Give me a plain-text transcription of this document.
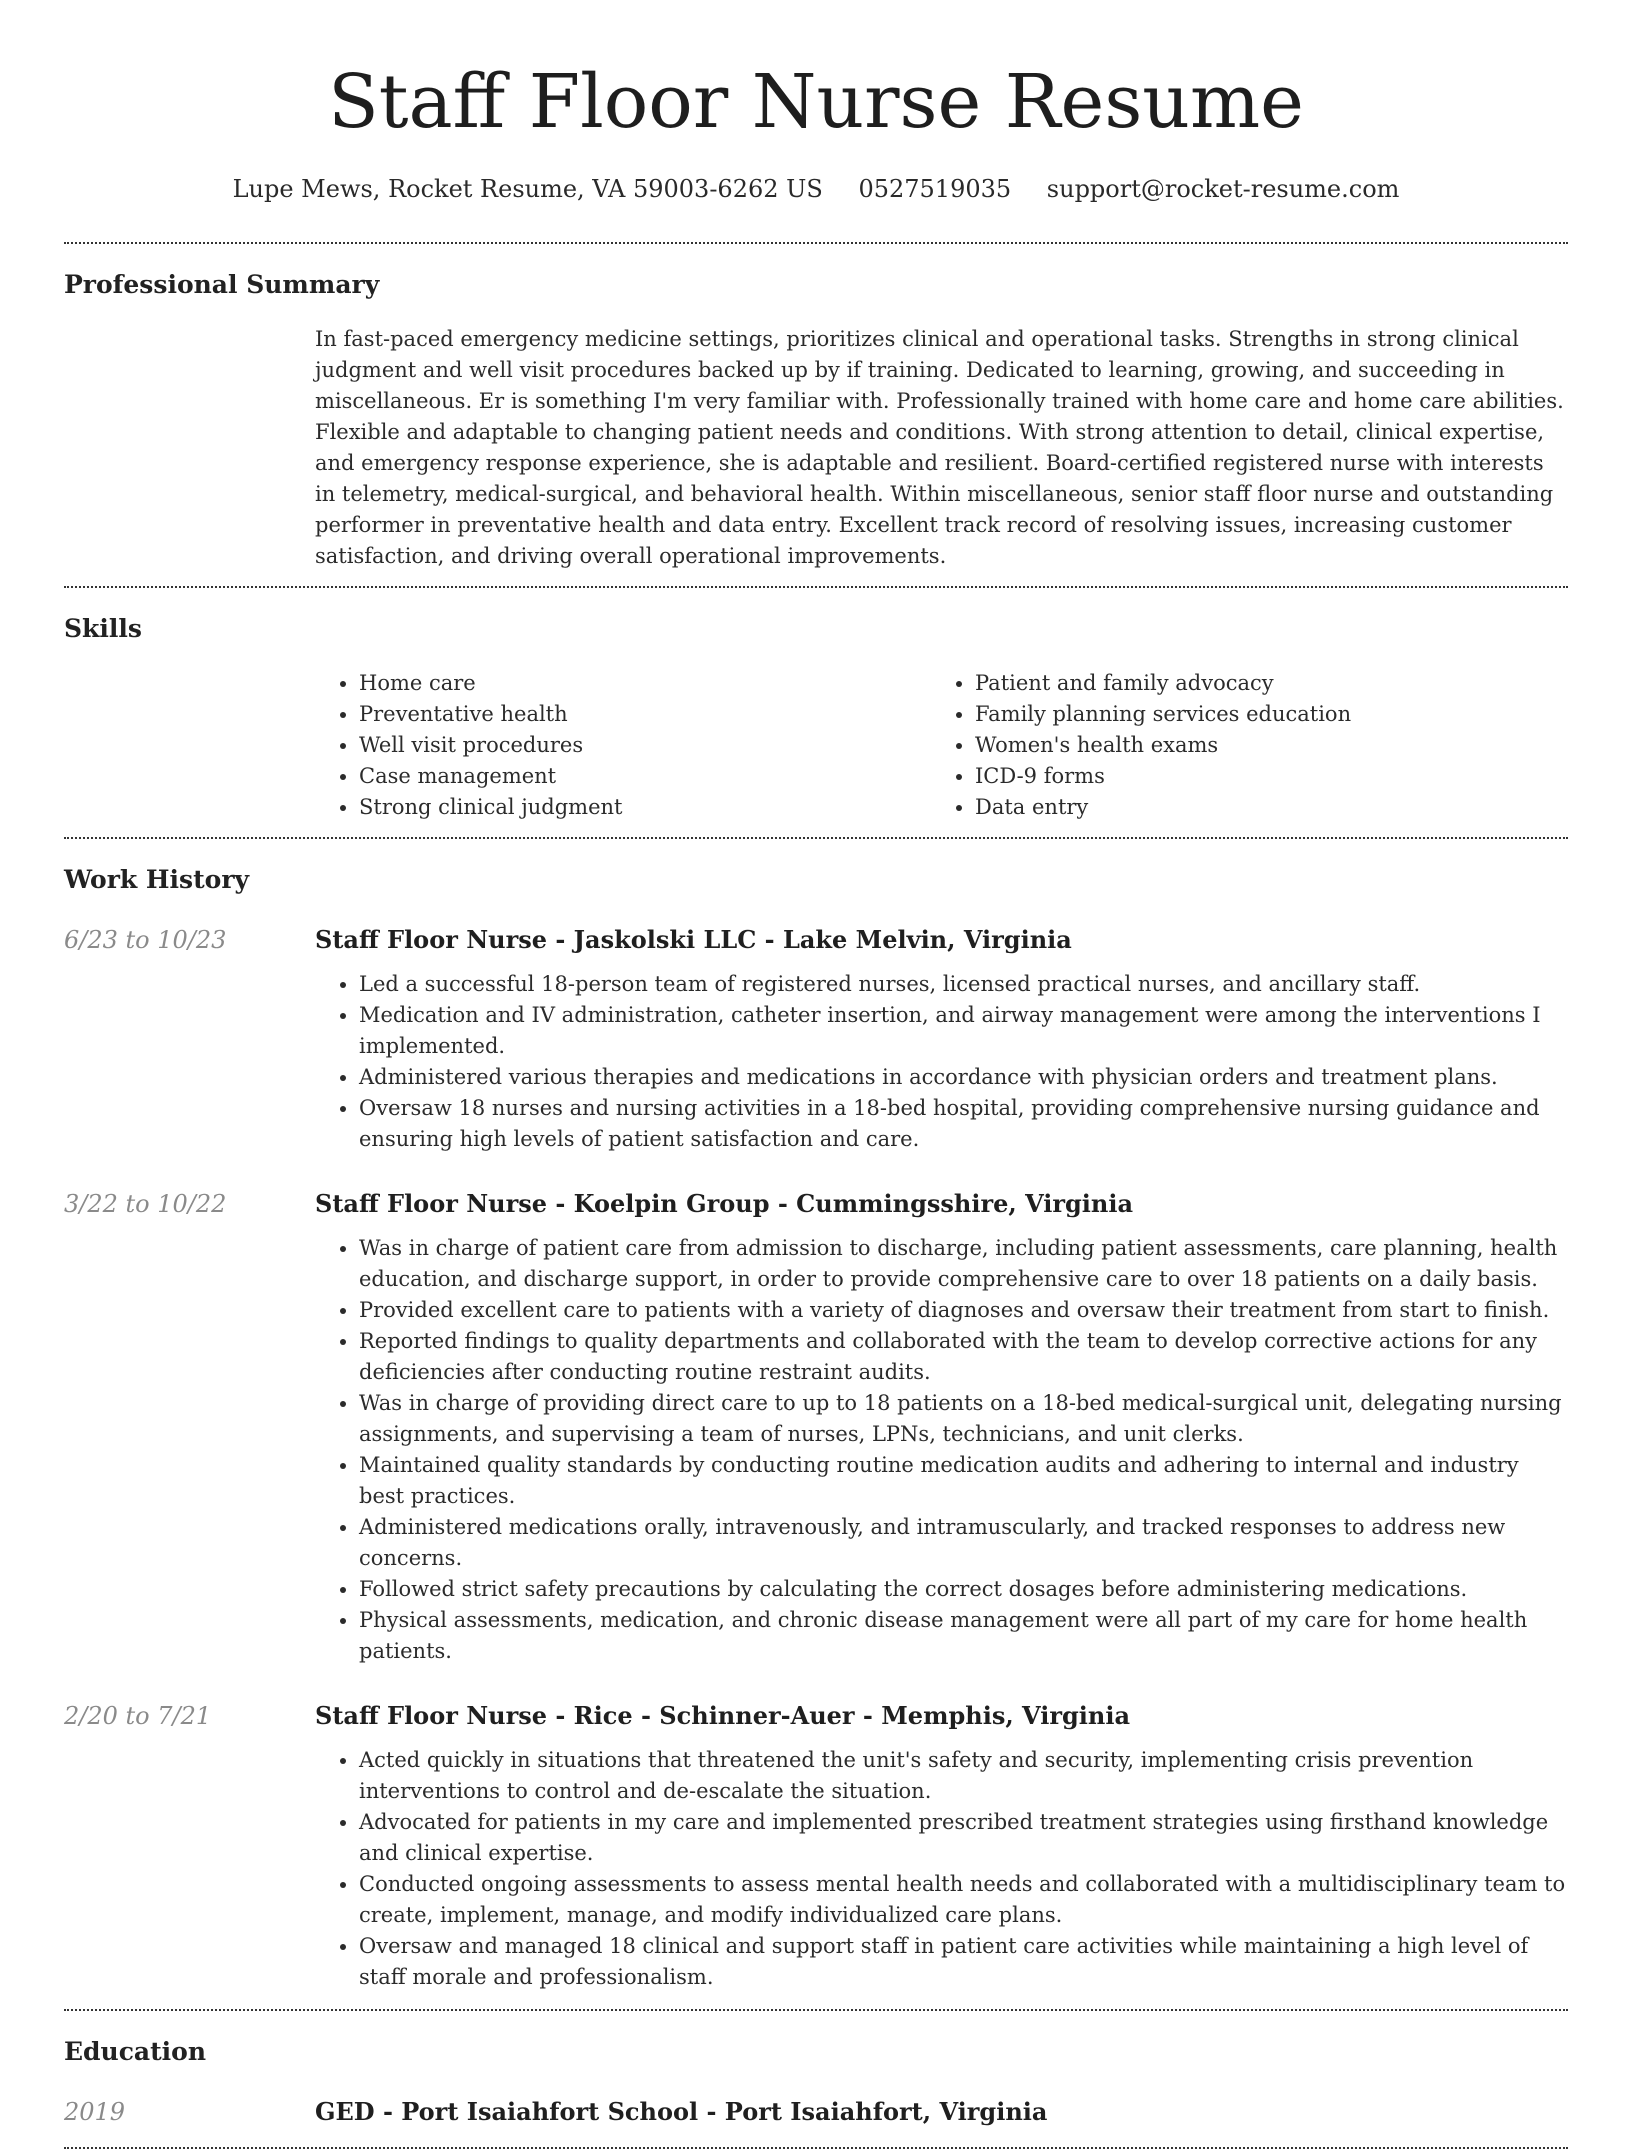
Staff Floor Nurse Resume
Lupe Mews, Rocket Resume, VA 59003-6262 US 0527519035 support@rocket-resume.com
Professional Summary
In fast-paced emergency medicine settings, prioritizes clinical and operational tasks. Strengths in strong clinical judgment and well visit procedures backed up by if training. Dedicated to learning, growing, and succeeding in miscellaneous. Er is something I'm very familiar with. Professionally trained with home care and home care abilities. Flexible and adaptable to changing patient needs and conditions. With strong attention to detail, clinical expertise, and emergency response experience, she is adaptable and resilient. Board-certified registered nurse with interests in telemetry, medical-surgical, and behavioral health. Within miscellaneous, senior staff floor nurse and outstanding performer in preventative health and data entry. Excellent track record of resolving issues, increasing customer satisfaction, and driving overall operational improvements.
Skills
• Home care
• Preventative health
• Well visit procedures
• Case management
• Strong clinical judgment
• Patient and family advocacy
• Family planning services education
• Women's health exams
• ICD-9 forms
• Data entry
Work History
6/23 to 10/23	Staff Floor Nurse - Jaskolski LLC - Lake Melvin, Virginia
• Led a successful 18-person team of registered nurses, licensed practical nurses, and ancillary staff.
• Medication and IV administration, catheter insertion, and airway management were among the interventions I implemented.
• Administered various therapies and medications in accordance with physician orders and treatment plans.
• Oversaw 18 nurses and nursing activities in a 18-bed hospital, providing comprehensive nursing guidance and ensuring high levels of patient satisfaction and care.
3/22 to 10/22	Staff Floor Nurse - Koelpin Group - Cummingsshire, Virginia
• Was in charge of patient care from admission to discharge, including patient assessments, care planning, health education, and discharge support, in order to provide comprehensive care to over 18 patients on a daily basis.
• Provided excellent care to patients with a variety of diagnoses and oversaw their treatment from start to finish.
• Reported findings to quality departments and collaborated with the team to develop corrective actions for any deficiencies after conducting routine restraint audits.
• Was in charge of providing direct care to up to 18 patients on a 18-bed medical-surgical unit, delegating nursing assignments, and supervising a team of nurses, LPNs, technicians, and unit clerks.
• Maintained quality standards by conducting routine medication audits and adhering to internal and industry best practices.
• Administered medications orally, intravenously, and intramuscularly, and tracked responses to address new concerns.
• Followed strict safety precautions by calculating the correct dosages before administering medications.
• Physical assessments, medication, and chronic disease management were all part of my care for home health patients.
2/20 to 7/21	Staff Floor Nurse - Rice - Schinner-Auer - Memphis, Virginia
• Acted quickly in situations that threatened the unit's safety and security, implementing crisis prevention interventions to control and de-escalate the situation.
• Advocated for patients in my care and implemented prescribed treatment strategies using firsthand knowledge and clinical expertise.
• Conducted ongoing assessments to assess mental health needs and collaborated with a multidisciplinary team to create, implement, manage, and modify individualized care plans.
• Oversaw and managed 18 clinical and support staff in patient care activities while maintaining a high level of staff morale and professionalism.
Education
2019	GED - Port Isaiahfort School - Port Isaiahfort, Virginia
